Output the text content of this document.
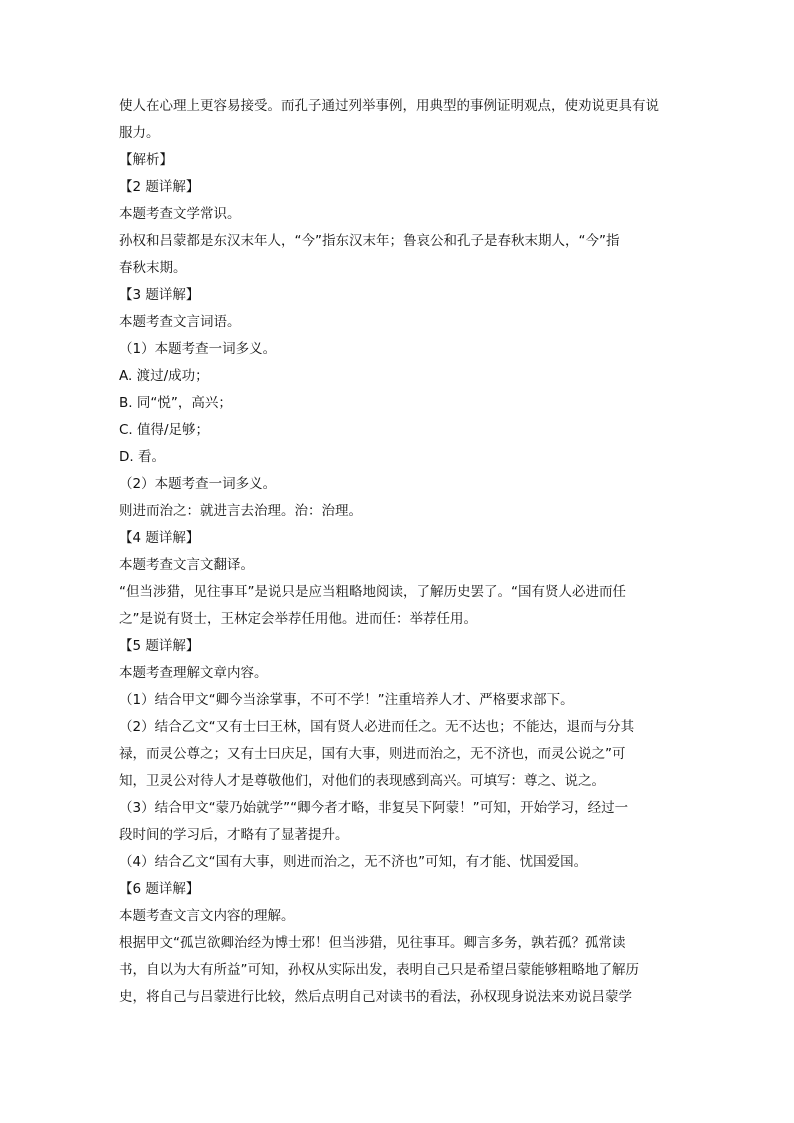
使人在心理上更容易接受。而孔子通过列举事例，用典型的事例证明观点，使劝说更具有说
服力。
【解析】
【2 题详解】
本题考查文学常识。
孙权和吕蒙都是东汉末年人，“今”指东汉末年；鲁哀公和孔子是春秋末期人，“今”指
春秋末期。
【3 题详解】
本题考查文言词语。
（1）本题考查一词多义。
A. 渡过/成功；
B. 同“悦”，高兴；
C. 值得/足够；
D. 看。
（2）本题考查一词多义。
则进而治之：就进言去治理。治：治理。
【4 题详解】
本题考查文言文翻译。
“但当涉猎，见往事耳”是说只是应当粗略地阅读，了解历史罢了。“国有贤人必进而任
之”是说有贤士，王林定会举荐任用他。进而任：举荐任用。
【5 题详解】
本题考查理解文章内容。
（1）结合甲文“卿今当涂掌事，不可不学！”注重培养人才、严格要求部下。
（2）结合乙文“又有士曰王林，国有贤人必进而任之。无不达也；不能达，退而与分其
禄，而灵公尊之；又有士曰庆足，国有大事，则进而治之，无不济也，而灵公说之”可
知，卫灵公对待人才是尊敬他们，对他们的表现感到高兴。可填写：尊之、说之。
（3）结合甲文“蒙乃始就学”“卿今者才略，非复吴下阿蒙！”可知，开始学习，经过一
段时间的学习后，才略有了显著提升。
（4）结合乙文“国有大事，则进而治之，无不济也”可知，有才能、忧国爱国。
【6 题详解】
本题考查文言文内容的理解。
根据甲文“孤岂欲卿治经为博士邪！但当涉猎，见往事耳。卿言多务，孰若孤？孤常读
书，自以为大有所益”可知，孙权从实际出发，表明自己只是希望吕蒙能够粗略地了解历
史，将自己与吕蒙进行比较，然后点明自己对读书的看法，孙权现身说法来劝说吕蒙学
